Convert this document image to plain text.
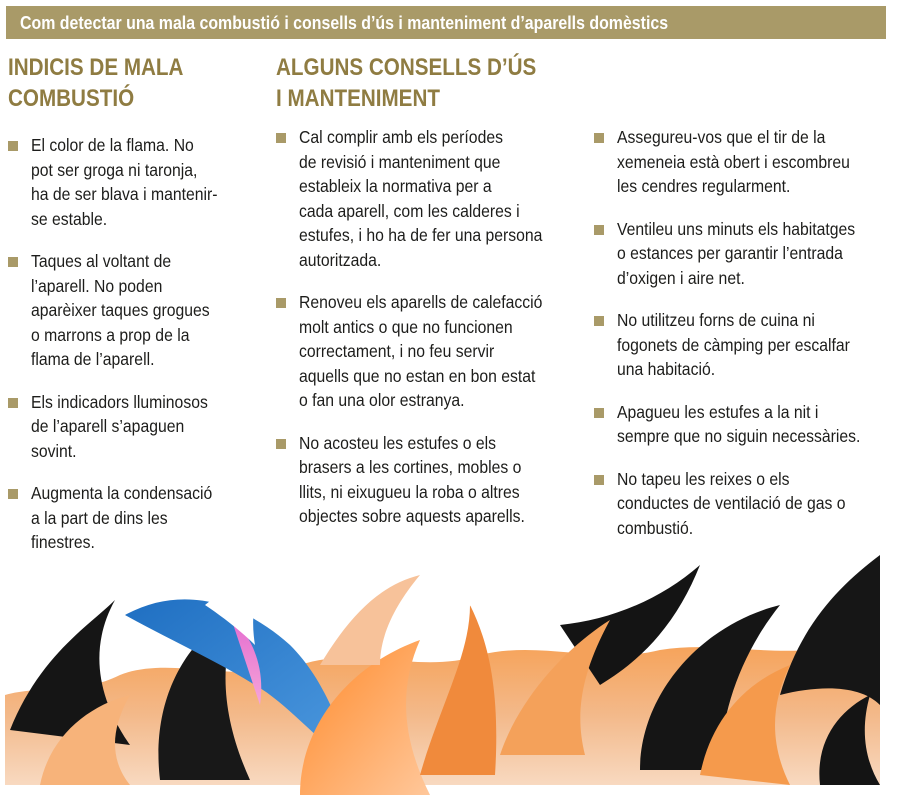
Com detectar una mala combustió i consells d’ús i manteniment d’aparells domèstics
INDICIS DE MALA
COMBUSTIÓ
ALGUNS CONSELLS D’ÚS
I MANTENIMENT
El color de la flama. No
pot ser groga ni taronja,
ha de ser blava i mantenir-
se estable.
Taques al voltant de
l’aparell. No poden
aparèixer taques grogues
o marrons a prop de la
flama de l’aparell.
Els indicadors lluminosos
de l’aparell s’apaguen
sovint.
Augmenta la condensació
a la part de dins les
finestres.
Cal complir amb els períodes
de revisió i manteniment que
estableix la normativa per a
cada aparell, com les calderes i
estufes, i ho ha de fer una persona
autoritzada.
Renoveu els aparells de calefacció
molt antics o que no funcionen
correctament, i no feu servir
aquells que no estan en bon estat
o fan una olor estranya.
No acosteu les estufes o els
brasers a les cortines, mobles o
llits, ni eixugueu la roba o altres
objectes sobre aquests aparells.
Assegureu-vos que el tir de la
xemeneia està obert i escombreu
les cendres regularment.
Ventileu uns minuts els habitatges
o estances per garantir l’entrada
d’oxigen i aire net.
No utilitzeu forns de cuina ni
fogonets de càmping per escalfar
una habitació.
Apagueu les estufes a la nit i
sempre que no siguin necessàries.
No tapeu les reixes o els
conductes de ventilació de gas o
combustió.
